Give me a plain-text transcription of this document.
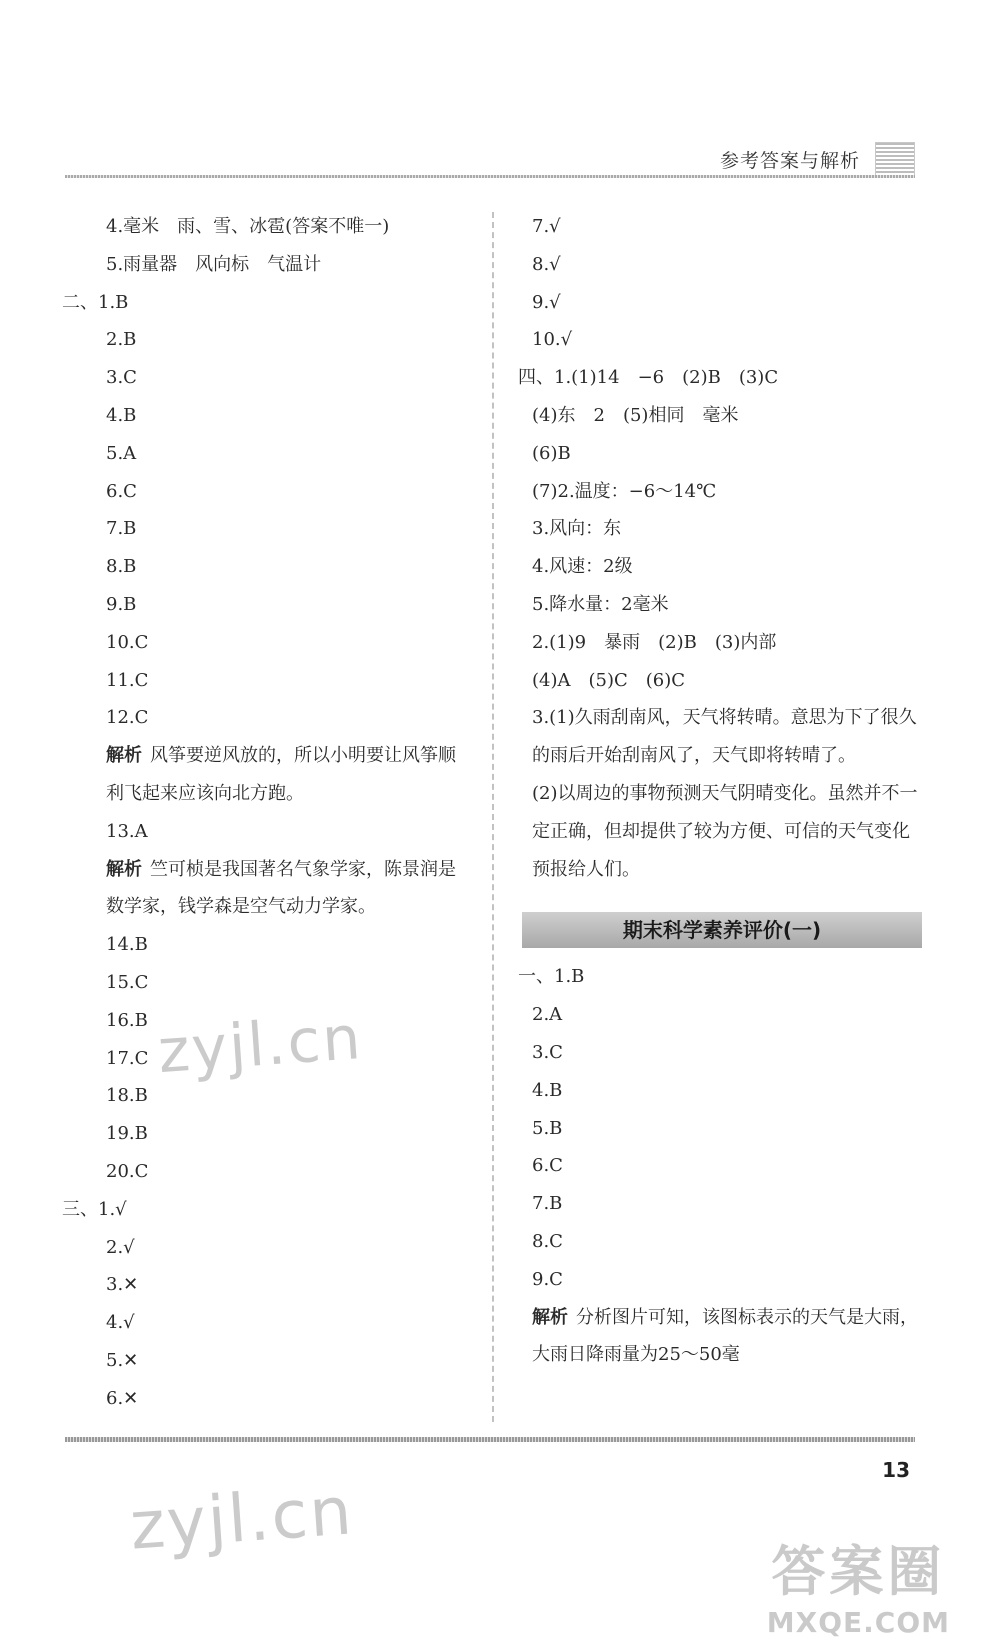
参考答案与解析
4.毫米　雨、雪、冰雹(答案不唯一)
5.雨量器　风向标　气温计
二、1.B
2.B
3.C
4.B
5.A
6.C
7.B
8.B
9.B
10.C
11.C
12.C
解析 风筝要逆风放的，所以小明要让风筝顺利飞起来应该向北方跑。
13.A
解析 竺可桢是我国著名气象学家，陈景润是数学家，钱学森是空气动力学家。
14.B
15.C
16.B
17.C
18.B
19.B
20.C
三、1.√
2.√
3.✕
4.√
5.✕
6.✕
7.√
8.√
9.√
10.√
四、1.(1)14　−6　(2)B　(3)C
(4)东　2　(5)相同　毫米
(6)B
(7)2.温度：−6～14℃
3.风向：东
4.风速：2级
5.降水量：2毫米
2.(1)9　暴雨　(2)B　(3)内部
(4)A　(5)C　(6)C
3.(1)久雨刮南风，天气将转晴。意思为下了很久的雨后开始刮南风了，天气即将转晴了。
(2)以周边的事物预测天气阴晴变化。虽然并不一定正确，但却提供了较为方便、可信的天气变化预报给人们。
期末科学素养评价(一)
一、1.B
2.A
3.C
4.B
5.B
6.C
7.B
8.C
9.C
解析 分析图片可知，该图标表示的天气是大雨，大雨日降雨量为25～50毫
13
zyjl.cn
zyjl.cn
答案圈
MXQE.COM
